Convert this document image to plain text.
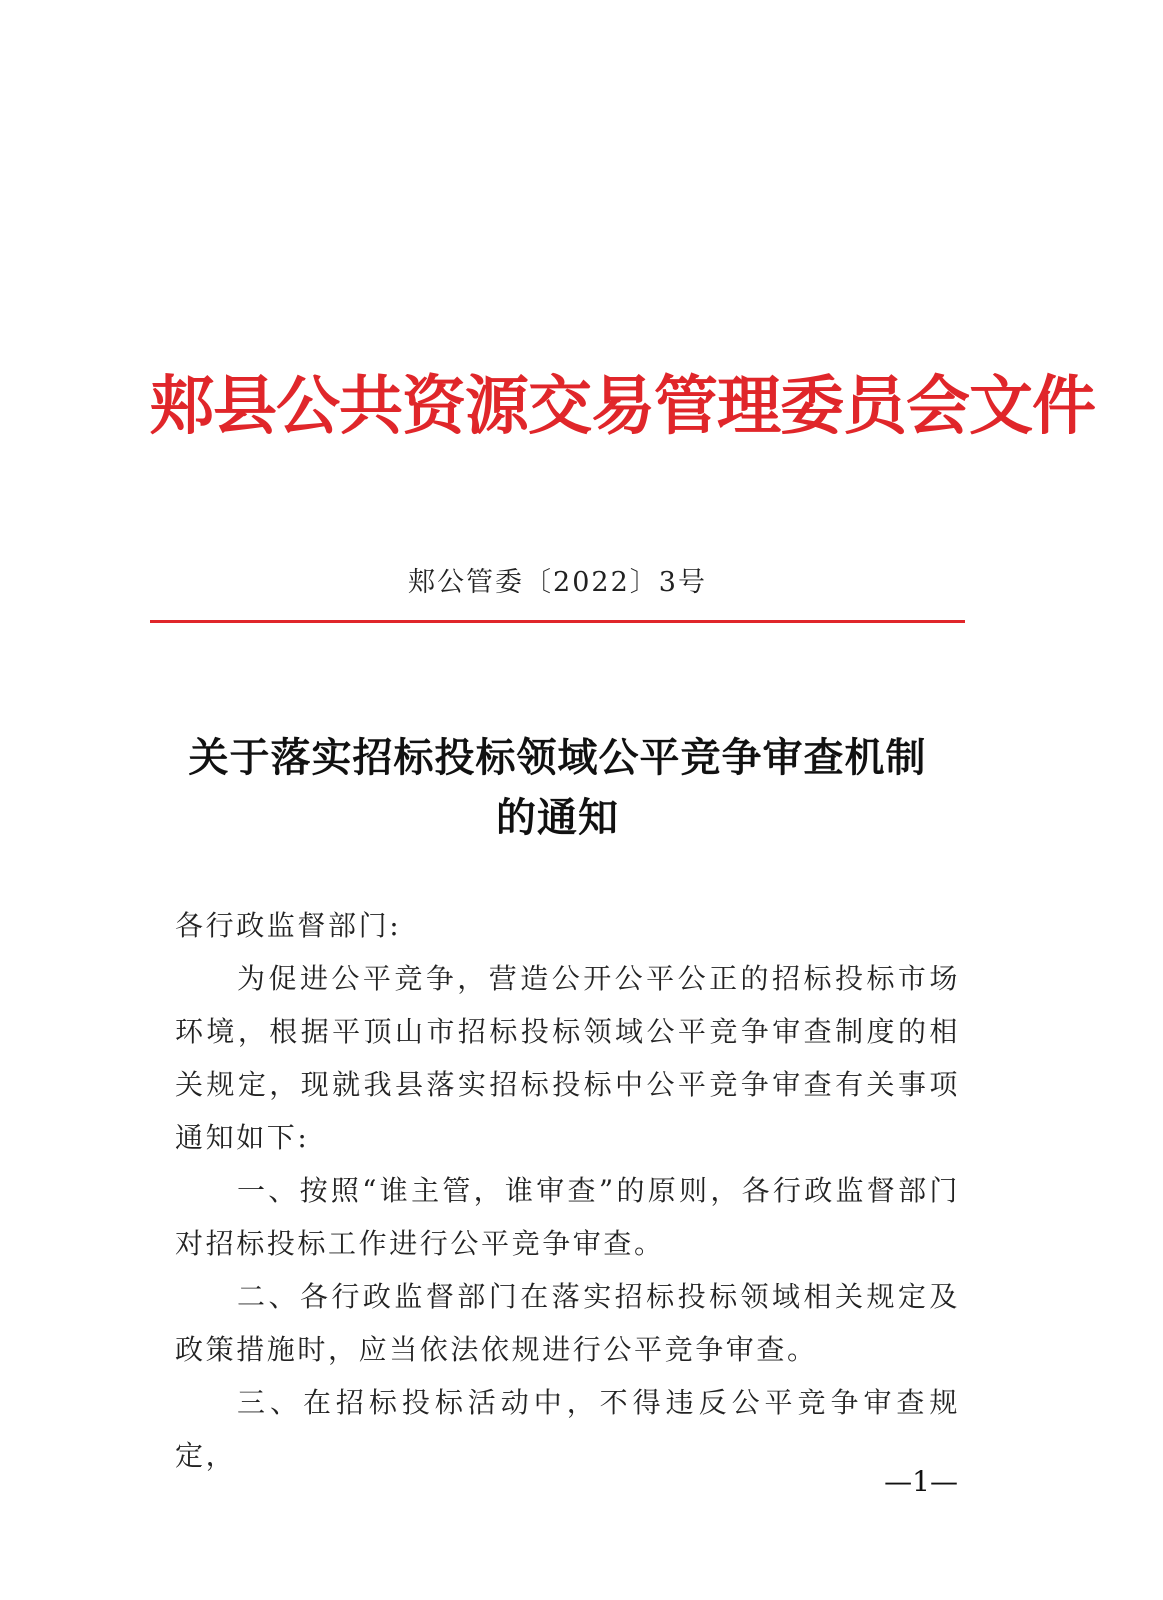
郏县公共资源交易管理委员会文件
郏公管委〔2022〕3号
关于落实招标投标领域公平竞争审查机制
的通知

各行政监督部门:

为促进公平竞争，营造公开公平公正的招标投标市场环境，根据平顶山市招标投标领域公平竞争审查制度的相关规定，现就我县落实招标投标中公平竞争审查有关事项通知如下:

一、按照“谁主管，谁审查”的原则，各行政监督部门对招标投标工作进行公平竞争审查。

二、各行政监督部门在落实招标投标领域相关规定及政策措施时，应当依法依规进行公平竞争审查。

三、在招标投标活动中，不得违反公平竞争审查规定，

—1—
